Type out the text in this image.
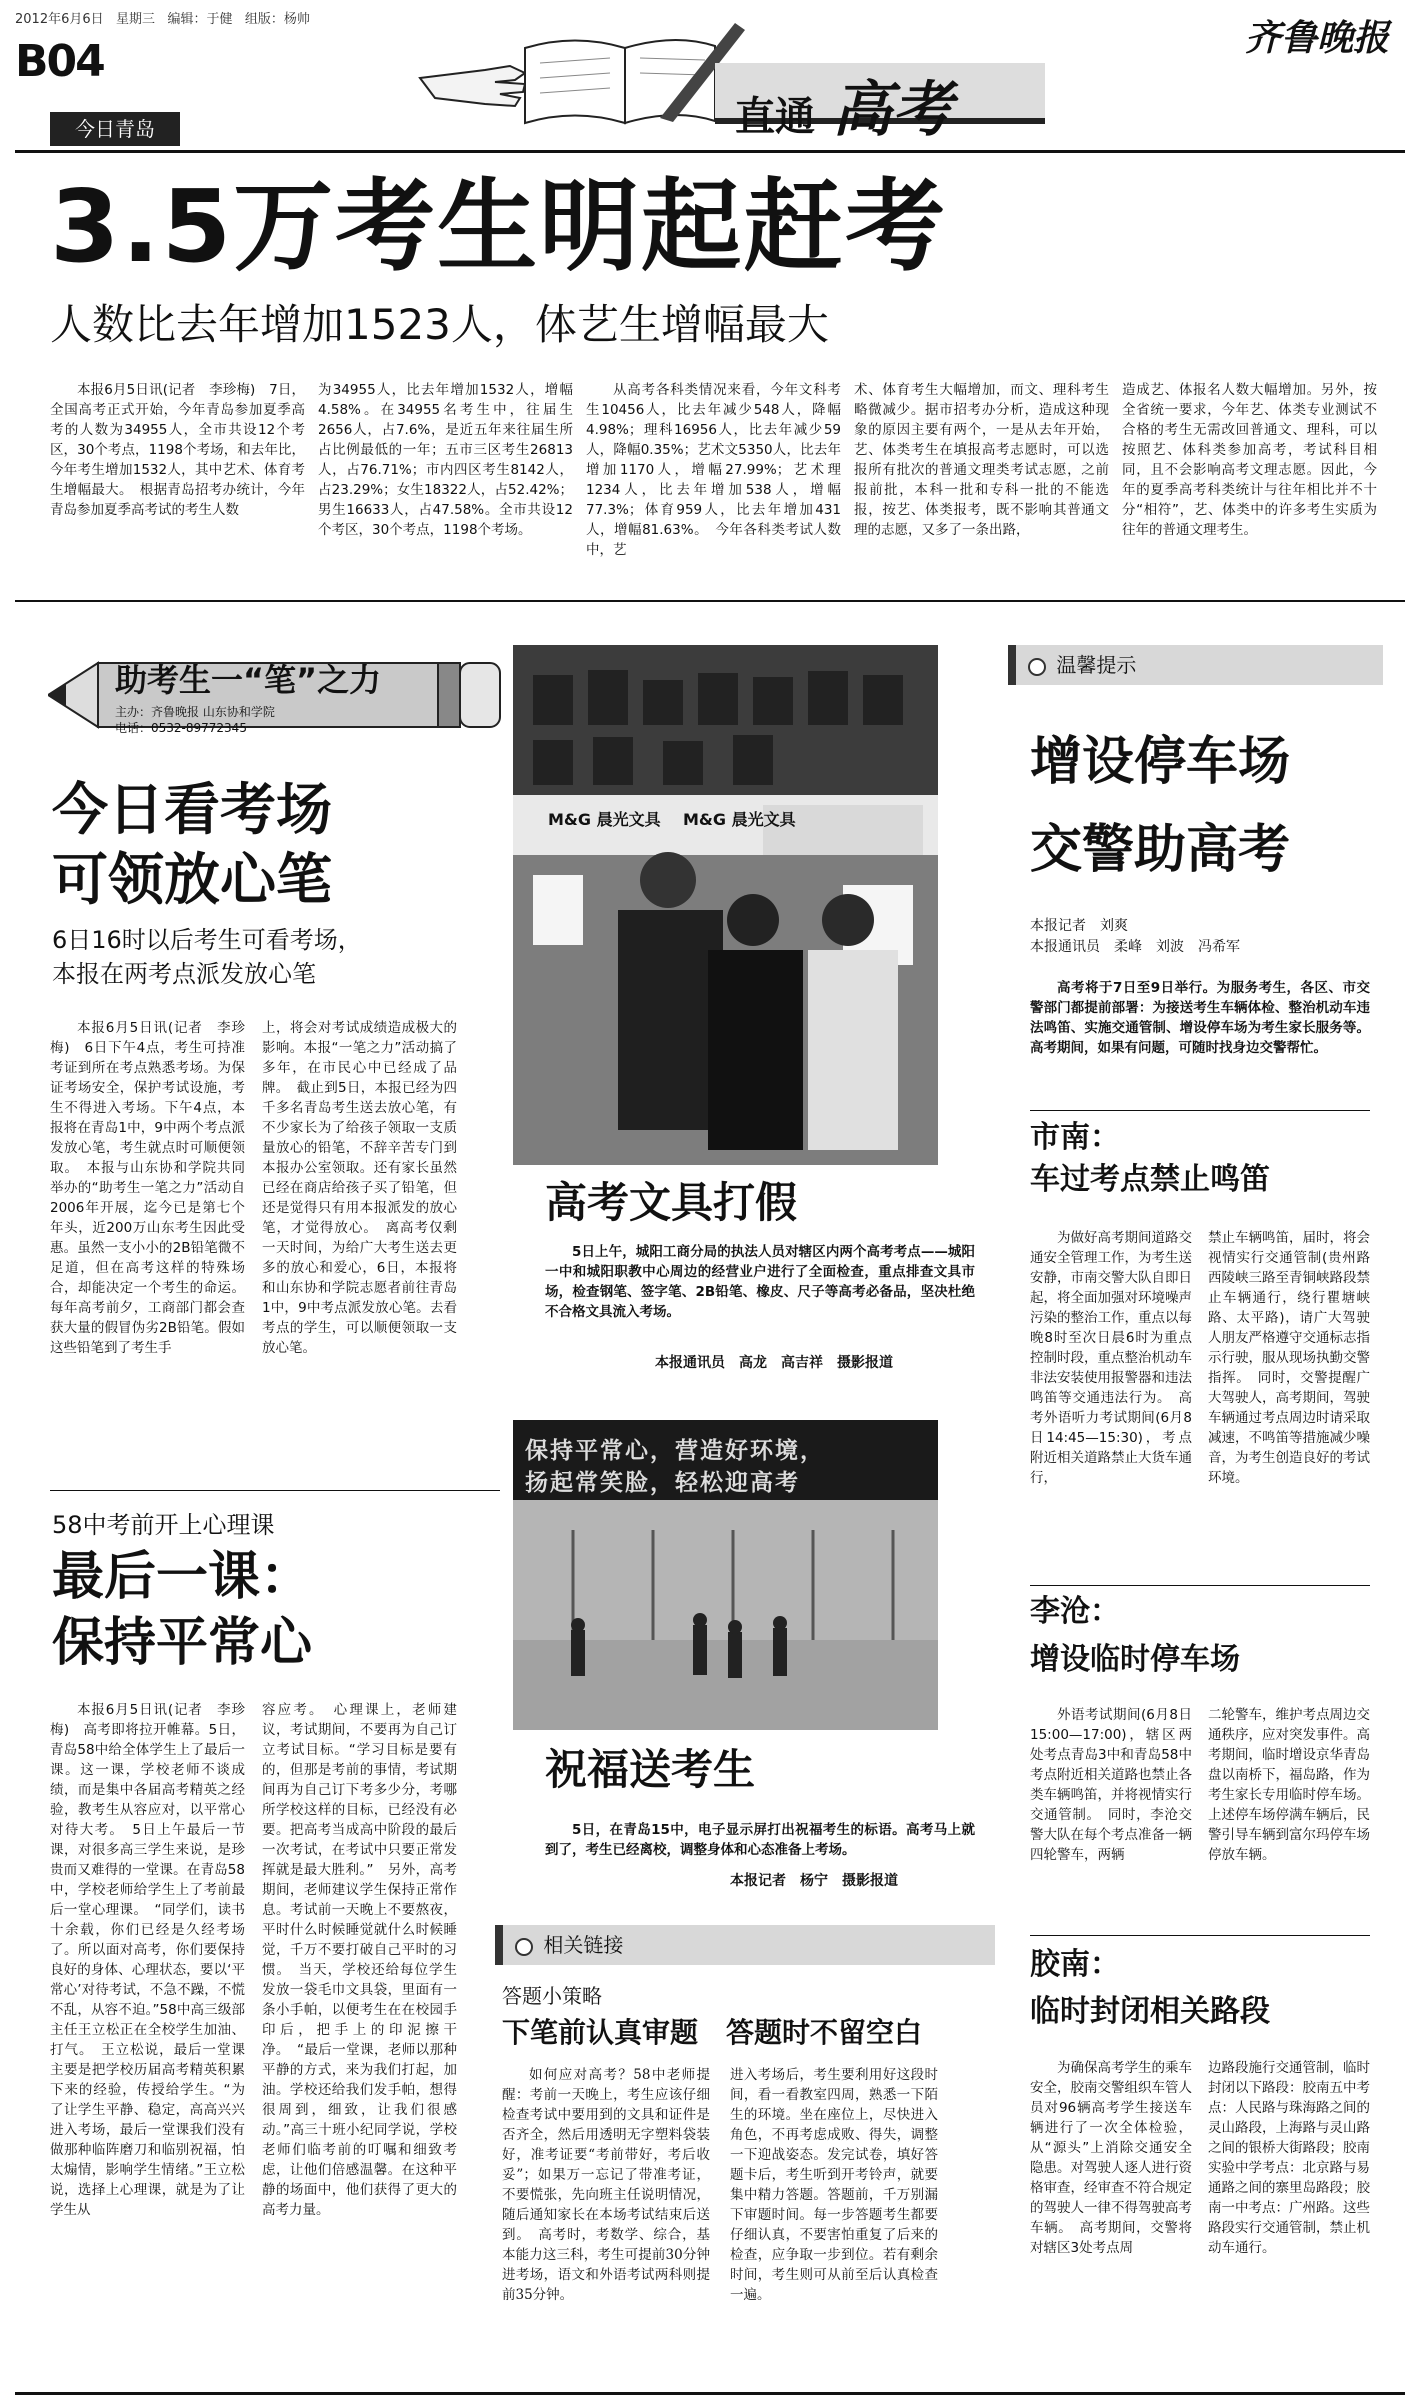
2012年6月6日 星期三 编辑：于健 组版：杨帅
B04
今日青岛	直通 高考
齐鲁晚报
3.5万考生明起赶考
人数比去年增加1523人，体艺生增幅最大

本报6月5日讯(记者　李珍梅)　7日，全国高考正式开始，今年青岛参加夏季高考的人数为34955人，全市共设12个考区，30个考点，1198个考场，和去年比，今年考生增加1532人，其中艺术、体育考生增幅最大。　根据青岛招考办统计，今年青岛参加夏季高考试的考生人数

为34955人，比去年增加1532人，增幅4.58%。在34955名考生中，往届生2656人，占7.6%，是近五年来往届生所占比例最低的一年；五市三区考生26813人，占76.71%；市内四区考生8142人，占23.29%；女生18322人，占52.42%；男生16633人，占47.58%。全市共设12个考区，30个考点，1198个考场。

从高考各科类情况来看，今年文科考生10456人，比去年减少548人，降幅4.98%；理科16956人，比去年减少59人，降幅0.35%；艺术文5350人，比去年增加1170人，增幅27.99%；艺术理1234人，比去年增加538人，增幅77.3%；体育959人，比去年增加431人，增幅81.63%。　今年各科类考试人数中，艺

术、体育考生大幅增加，而文、理科考生略微减少。据市招考办分析，造成这种现象的原因主要有两个，一是从去年开始，艺、体类考生在填报高考志愿时，可以选报所有批次的普通文理类考试志愿，之前报前批，本科一批和专科一批的不能选报，按艺、体类报考，既不影响其普通文理的志愿，又多了一条出路，

造成艺、体报名人数大幅增加。另外，按全省统一要求，今年艺、体类专业测试不合格的考生无需改回普通文、理科，可以按照艺、体科类参加高考，考试科目相同，且不会影响高考文理志愿。因此，今年的夏季高考科类统计与往年相比并不十分“相符”，艺、体类中的许多考生实质为往年的普通文理考生。

助考生一“笔”之力
主办：齐鲁晚报 山东协和学院
电话：0532-89772345
今日看考场
可领放心笔
6日16时以后考生可看考场，
本报在两考点派发放心笔

本报6月5日讯(记者　李珍梅)　6日下午4点，考生可持准考证到所在考点熟悉考场。为保证考场安全，保护考试设施，考生不得进入考场。下午4点，本报将在青岛1中，9中两个考点派发放心笔，考生就点时可顺便领取。　本报与山东协和学院共同举办的“助考生一笔之力”活动自2006年开展，迄今已是第七个年头，近200万山东考生因此受惠。虽然一支小小的2B铅笔微不足道，但在高考这样的特殊场合，却能决定一个考生的命运。每年高考前夕，工商部门都会查获大量的假冒伪劣2B铅笔。假如这些铅笔到了考生手

上，将会对考试成绩造成极大的影响。本报“一笔之力”活动搞了多年，在市民心中已经成了品牌。　截止到5日，本报已经为四千多名青岛考生送去放心笔，有不少家长为了给孩子领取一支质量放心的铅笔，不辞辛苦专门到本报办公室领取。还有家长虽然已经在商店给孩子买了铅笔，但还是觉得只有用本报派发的放心笔，才觉得放心。　离高考仅剩一天时间，为给广大考生送去更多的放心和爱心，6日，本报将和山东协和学院志愿者前往青岛1中，9中考点派发放心笔。去看考点的学生，可以顺便领取一支放心笔。

58中考前开上心理课
最后一课：
保持平常心

本报6月5日讯(记者　李珍梅)　高考即将拉开帷幕。5日，青岛58中给全体学生上了最后一课。这一课，学校老师不谈成绩，而是集中各届高考精英之经验，教考生从容应对，以平常心对待大考。　5日上午最后一节课，对很多高三学生来说，是珍贵而又难得的一堂课。在青岛58中，学校老师给学生上了考前最后一堂心理课。　“同学们，读书十余载，你们已经是久经考场了。所以面对高考，你们要保持良好的身体、心理状态，要以‘平常心’对待考试，不急不躁，不慌不乱，从容不迫。”58中高三级部主任王立松正在全校学生加油、打气。　王立松说，最后一堂课主要是把学校历届高考精英积累下来的经验，传授给学生。“为了让学生平静、稳定，高高兴兴进入考场，最后一堂课我们没有做那种临阵磨刀和临别祝福，怕太煽情，影响学生情绪。”王立松说，选择上心理课，就是为了让学生从

容应考。　心理课上，老师建议，考试期间，不要再为自己订立考试目标。“学习目标是要有的，但那是考前的事情，考试期间再为自己订下考多少分，考哪所学校这样的目标，已经没有必要。把高考当成高中阶段的最后一次考试，在考试中只要正常发挥就是最大胜利。”　另外，高考期间，老师建议学生保持正常作息。考试前一天晚上不要熬夜，平时什么时候睡觉就什么时候睡觉，千万不要打破自己平时的习惯。　当天，学校还给每位学生发放一袋毛巾文具袋，里面有一条小手帕，以便考生在在校园手印后，把手上的印泥擦干净。　“最后一堂课，老师以那种平静的方式，来为我们打起，加油。学校还给我们发手帕，想得很周到，细致，让我们很感动。”高三十班小纪同学说，学校老师们临考前的叮嘱和细致考虑，让他们倍感温馨。在这种平静的场面中，他们获得了更大的高考力量。

M&G 晨光文具 M&G 晨光文具
高考文具打假

5日上午，城阳工商分局的执法人员对辖区内两个高考考点——城阳一中和城阳职教中心周边的经营业户进行了全面检查，重点排查文具市场，检查钢笔、签字笔、2B铅笔、橡皮、尺子等高考必备品，坚决杜绝不合格文具流入考场。

本报通讯员　高龙　高吉祥　摄影报道
保持平常心，营造好环境，
扬起常笑脸，轻松迎高考
祝福送考生

5日，在青岛15中，电子显示屏打出祝福考生的标语。高考马上就到了，考生已经离校，调整身体和心态准备上考场。

本报记者　杨宁　摄影报道
相关链接
答题小策略
下笔前认真审题　答题时不留空白

如何应对高考？58中老师提醒：考前一天晚上，考生应该仔细检查考试中要用到的文具和证件是否齐全，然后用透明无字塑料袋装好，准考证要“考前带好，考后收妥”；如果万一忘记了带准考证，不要慌张，先向班主任说明情况，随后通知家长在本场考试结束后送到。　高考时，考数学、综合，基本能力这三科，考生可提前30分钟进考场，语文和外语考试两科则提前35分钟。

进入考场后，考生要利用好这段时间，看一看教室四周，熟悉一下陌生的环境。坐在座位上，尽快进入角色，不再考虑成败、得失，调整一下迎战姿态。发完试卷，填好答题卡后，考生听到开考铃声，就要集中精力答题。答题前，千万别漏下审题时间。每一步答题考生都要仔细认真，不要害怕重复了后来的检查，应争取一步到位。若有剩余时间，考生则可从前至后认真检查一遍。

温馨提示
增设停车场
交警助高考
本报记者　刘爽
本报通讯员　柔峰　刘波　冯希军

高考将于7日至9日举行。为服务考生，各区、市交警部门都提前部署：为接送考生车辆体检、整治机动车违法鸣笛、实施交通管制、增设停车场为考生家长服务等。高考期间，如果有问题，可随时找身边交警帮忙。

市南：
车过考点禁止鸣笛

为做好高考期间道路交通安全管理工作，为考生送安静，市南交警大队自即日起，将全面加强对环境噪声污染的整治工作，重点以每晚8时至次日晨6时为重点控制时段，重点整治机动车非法安装使用报警器和违法鸣笛等交通违法行为。　高考外语听力考试期间(6月8日14:45—15:30)，考点附近相关道路禁止大货车通行，

禁止车辆鸣笛，届时，将会视情实行交通管制(贵州路西陵峡三路至青铜峡路段禁止车辆通行，绕行瞿塘峡路、太平路)，请广大驾驶人朋友严格遵守交通标志指示行驶，服从现场执勤交警指挥。　同时，交警提醒广大驾驶人，高考期间，驾驶车辆通过考点周边时请采取减速，不鸣笛等措施减少噪音，为考生创造良好的考试环境。

李沧：
增设临时停车场

外语考试期间(6月8日15:00—17:00)，辖区两处考点青岛3中和青岛58中考点附近相关道路也禁止各类车辆鸣笛，并将视情实行交通管制。　同时，李沧交警大队在每个考点准备一辆四轮警车，两辆

二轮警车，维护考点周边交通秩序，应对突发事件。高考期间，临时增设京华青岛盘以南桥下，福岛路，作为考生家长专用临时停车场。上述停车场停满车辆后，民警引导车辆到富尔玛停车场停放车辆。

胶南：
临时封闭相关路段

为确保高考学生的乘车安全，胶南交警组织车管人员对96辆高考学生接送车辆进行了一次全体检验，从“源头”上消除交通安全隐患。对驾驶人逐人进行资格审查，经审查不符合规定的驾驶人一律不得驾驶高考车辆。　高考期间，交警将对辖区3处考点周

边路段施行交通管制，临时封闭以下路段：胶南五中考点：人民路与珠海路之间的灵山路段，上海路与灵山路之间的银桥大街路段；胶南实验中学考点：北京路与易通路之间的寨里岛路段；胶南一中考点：广州路。这些路段实行交通管制，禁止机动车通行。
